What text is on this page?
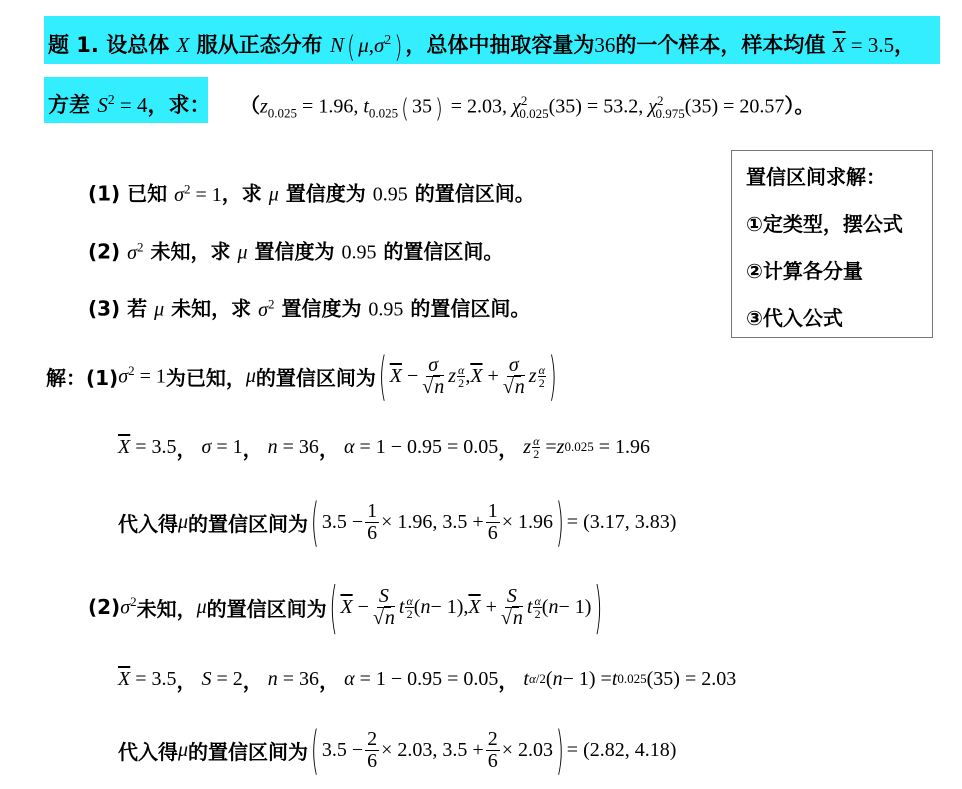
题 1. 设总体 X 服从正态分布 N ( $\mu,\sigma^2$ ) ，总体中抽取容量为36的一个样本，样本均值 $\overline{X} = 3.5$，
方差 $S^2 = 4$，求： （$z_{0.025} = 1.96$, $t_{0.025}$ ( 35 ) = 2.03, $\chi^2_{0.025}(35) = 53.2$, $\chi^2_{0.975}(35) = 20.57$）。
(1) 已知 $\sigma^2 = 1$，求 μ 置信度为 0.95 的置信区间。
(2) $\sigma^2$ 未知，求 μ 置信度为 0.95 的置信区间。
(3) 若 μ 未知，求 $\sigma^2$ 置信度为 0.95 的置信区间。
置信区间求解：
①定类型，摆公式
②计算各分量
③代入公式
解：(1) $\sigma^2 = 1$ 为已知， μ 的置信区间为 ( $\overline{X} - \frac{\sigma}{√n}$ z $\frac{\alpha}{2}$ , $\overline{X} + \frac{\sigma}{√n}$ z $\frac{\alpha}{2}$ )
$\overline{X} = 3.5$ ，
σ = 1 ，
n = 36 ，
α = 1 − 0.95 = 0.05 ，
z $\frac{\alpha}{2} = z$ 0.025 = 1.96
代入得 μ 的置信区间为 ( $3.5 - \frac{1}{6} \times 1.96$, $3.5 + \frac{1}{6} \times 1.96$ ) = (3.17, 3.83)
(2) $\sigma^2$ 未知， μ 的置信区间为 ( $\overline{X} - \frac{S}{√n}$ t $\frac{\alpha}{2}$ ( n − 1), $\overline{X} + \frac{S}{√n}$ t $\frac{\alpha}{2}$ ( n − 1) )
$\overline{X} = 3.5$ ，
S = 2 ，
n = 36 ，
α = 1 − 0.95 = 0.05 ，
t α/2 ( n − 1) = t 0.025 (35) = 2.03
代入得 μ 的置信区间为 ( $3.5 - \frac{2}{6} \times 2.03$, $3.5 + \frac{2}{6} \times 2.03$ ) = (2.82, 4.18)
